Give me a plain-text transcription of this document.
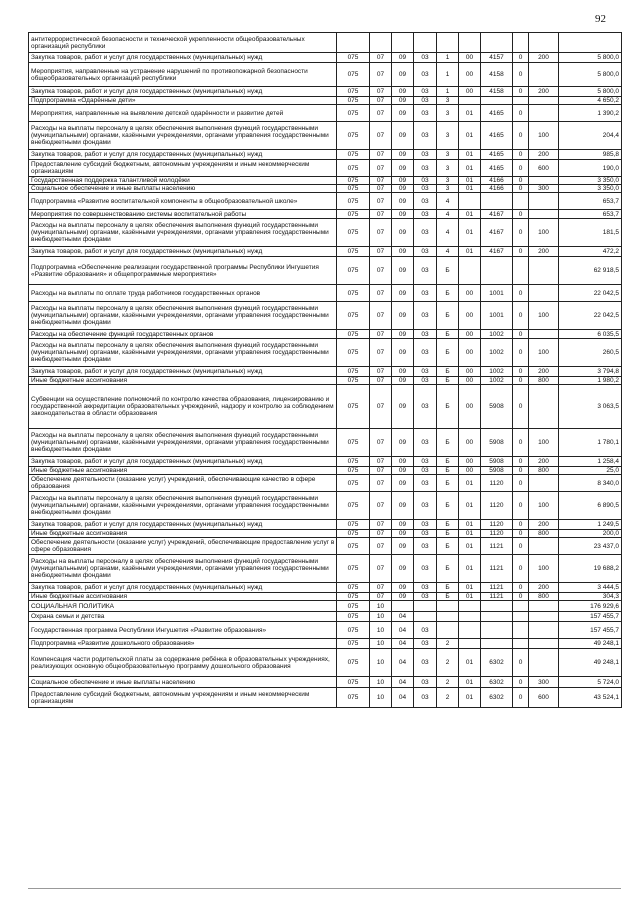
92
антитеррористической безопасности и технической укрепленности общеобразовательных организаций республики										
Закупка товаров, работ и услуг для государственных (муниципальных) нужд	075	07	09	03	1	00	4157	0	200	5 800,0
Мероприятия, направленные на устранение нарушений по противопожарной безопасности общеобразовательных организаций республики	075	07	09	03	1	00	4158	0		5 800,0
Закупка товаров, работ и услуг для государственных (муниципальных) нужд	075	07	09	03	1	00	4158	0	200	5 800,0
Подпрограмма «Одарённые дети»	075	07	09	03	3					4 650,2
Мероприятия, направленные на выявление детской одарённости и развитие детей	075	07	09	03	3	01	4165	0		1 390,2
Расходы на выплаты персоналу в целях обеспечения выполнения функций государственными (муниципальными) органами, казёнными учреждениями, органами управления государственными внебюджетными фондами	075	07	09	03	3	01	4165	0	100	204,4
Закупка товаров, работ и услуг для государственных (муниципальных) нужд	075	07	09	03	3	01	4165	0	200	985,8
Предоставление субсидий бюджетным, автономным учреждениям и иным некоммерческим организациям	075	07	09	03	3	01	4165	0	600	190,0
Государственная поддержка талантливой молодёжи	075	07	09	03	3	01	4166	0		3 350,0
Социальное обеспечение и иные выплаты населению	075	07	09	03	3	01	4166	0	300	3 350,0
Подпрограмма «Развитие воспитательной компоненты в общеобразовательной школе»	075	07	09	03	4					653,7
Мероприятия по совершенствованию системы воспитательной работы	075	07	09	03	4	01	4167	0		653,7
Расходы на выплаты персоналу в целях обеспечения выполнения функций государственными (муниципальными) органами, казёнными учреждениями, органами управления государственными внебюджетными фондами	075	07	09	03	4	01	4167	0	100	181,5
Закупка товаров, работ и услуг для государственных (муниципальных) нужд	075	07	09	03	4	01	4167	0	200	472,2
Подпрограмма «Обеспечение реализации государственной программы Республики Ингушетия «Развитие образования» и общепрограммные мероприятия»	075	07	09	03	Б					62 918,5
Расходы на выплаты по оплате труда работников государственных органов	075	07	09	03	Б	00	1001	0		22 042,5
Расходы на выплаты персоналу в целях обеспечения выполнения функций государственными (муниципальными) органами, казёнными учреждениями, органами управления государственными внебюджетными фондами	075	07	09	03	Б	00	1001	0	100	22 042,5
Расходы на обеспечение функций государственных органов	075	07	09	03	Б	00	1002	0		6 035,5
Расходы на выплаты персоналу в целях обеспечения выполнения функций государственными (муниципальными) органами, казёнными учреждениями, органами управления государственными внебюджетными фондами	075	07	09	03	Б	00	1002	0	100	260,5
Закупка товаров, работ и услуг для государственных (муниципальных) нужд	075	07	09	03	Б	00	1002	0	200	3 794,8
Иные бюджетные ассигнования	075	07	09	03	Б	00	1002	0	800	1 980,2
Субвенции на осуществление полномочий по контролю качества образования, лицензированию и государственной аккредитации образовательных учреждений, надзору и контролю за соблюдением законодательства в области образования	075	07	09	03	Б	00	5908	0		3 063,5
Расходы на выплаты персоналу в целях обеспечения выполнения функций государственными (муниципальными) органами, казёнными учреждениями, органами управления государственными внебюджетными фондами	075	07	09	03	Б	00	5908	0	100	1 780,1
Закупка товаров, работ и услуг для государственных (муниципальных) нужд	075	07	09	03	Б	00	5908	0	200	1 258,4
Иные бюджетные ассигнования	075	07	09	03	Б	00	5908	0	800	25,0
Обеспечение деятельности (оказание услуг) учреждений, обеспечивающие качество в сфере образования	075	07	09	03	Б	01	1120	0		8 340,0
Расходы на выплаты персоналу в целях обеспечения выполнения функций государственными (муниципальными) органами, казёнными учреждениями, органами управления государственными внебюджетными фондами	075	07	09	03	Б	01	1120	0	100	6 890,5
Закупка товаров, работ и услуг для государственных (муниципальных) нужд	075	07	09	03	Б	01	1120	0	200	1 249,5
Иные бюджетные ассигнования	075	07	09	03	Б	01	1120	0	800	200,0
Обеспечение деятельности (оказание услуг) учреждений, обеспечивающие предоставление услуг в сфере образования	075	07	09	03	Б	01	1121	0		23 437,0
Расходы на выплаты персоналу в целях обеспечения выполнения функций государственными (муниципальными) органами, казёнными учреждениями, органами управления государственными внебюджетными фондами	075	07	09	03	Б	01	1121	0	100	19 688,2
Закупка товаров, работ и услуг для государственных (муниципальных) нужд	075	07	09	03	Б	01	1121	0	200	3 444,5
Иные бюджетные ассигнования	075	07	09	03	Б	01	1121	0	800	304,3
СОЦИАЛЬНАЯ ПОЛИТИКА	075	10								176 929,6
Охрана семьи и детства	075	10	04							157 455,7
Государственная программа Республики Ингушетия «Развитие образования»	075	10	04	03						157 455,7
Подпрограмма «Развитие дошкольного образования»	075	10	04	03	2					49 248,1
Компенсация части родительской платы за содержание ребёнка в образовательных учреждениях, реализующих основную общеобразовательную программу дошкольного образования	075	10	04	03	2	01	6302	0		49 248,1
Социальное обеспечение и иные выплаты населению	075	10	04	03	2	01	6302	0	300	5 724,0
Предоставление субсидий бюджетным, автономным учреждениям и иным некоммерческим организациям	075	10	04	03	2	01	6302	0	600	43 524,1
